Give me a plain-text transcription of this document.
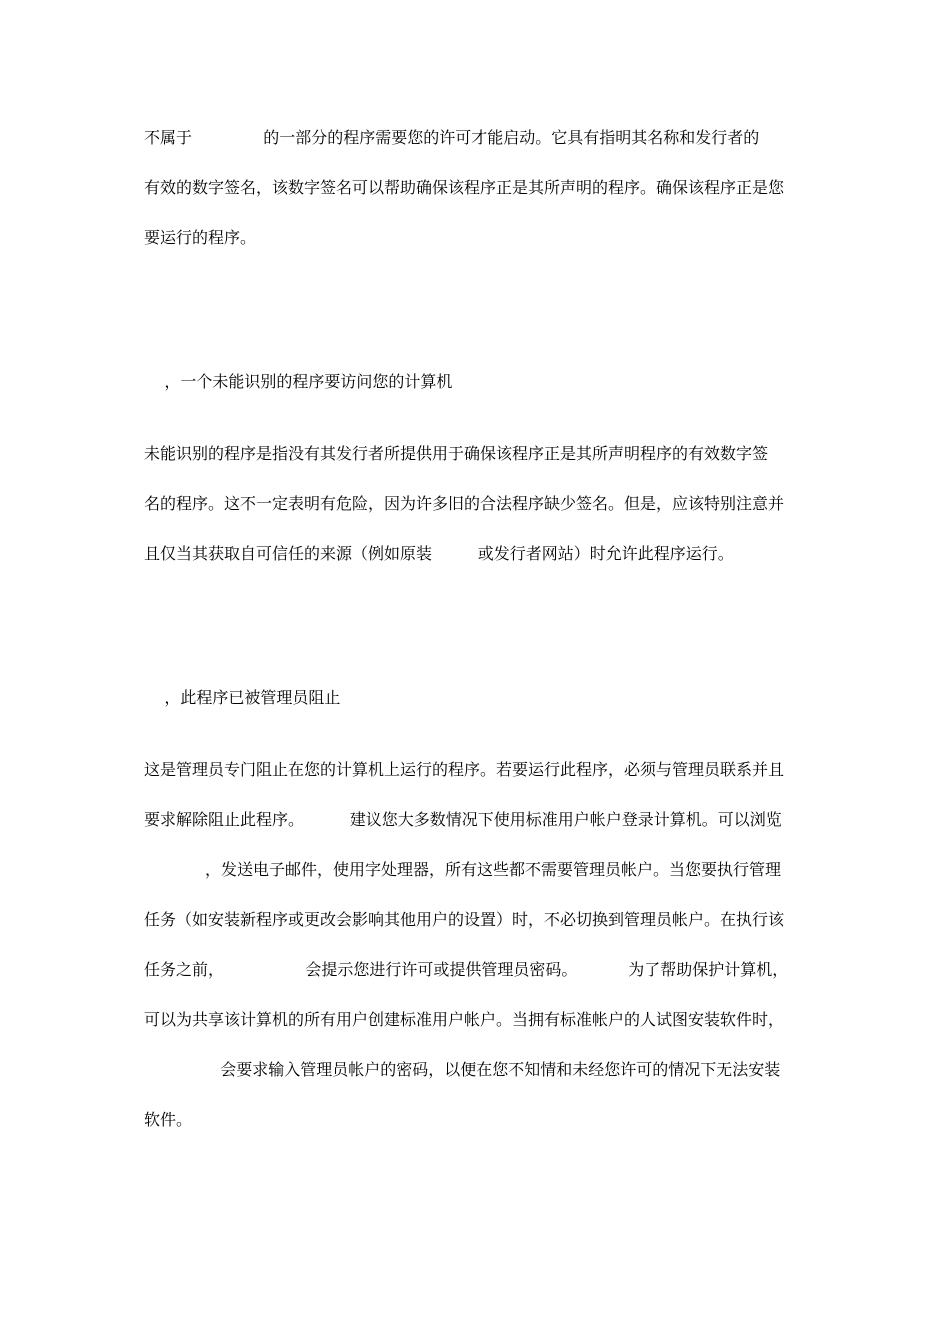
不属于              的一部分的程序需要您的许可才能启动。它具有指明其名称和发行者的
有效的数字签名，该数字签名可以帮助确保该程序正是其所声明的程序。确保该程序正是您
要运行的程序。
，一个未能识别的程序要访问您的计算机
未能识别的程序是指没有其发行者所提供用于确保该程序正是其所声明程序的有效数字签
名的程序。这不一定表明有危险，因为许多旧的合法程序缺少签名。但是，应该特别注意并
且仅当其获取自可信任的来源（例如原装         或发行者网站）时允许此程序运行。
，此程序已被管理员阻止
这是管理员专门阻止在您的计算机上运行的程序。若要运行此程序，必须与管理员联系并且
要求解除阻止此程序。         建议您大多数情况下使用标准用户帐户登录计算机。可以浏览
，发送电子邮件，使用字处理器，所有这些都不需要管理员帐户。当您要执行管理
任务（如安装新程序或更改会影响其他用户的设置）时，不必切换到管理员帐户。在执行该
任务之前，                会提示您进行许可或提供管理员密码。          为了帮助保护计算机，
可以为共享该计算机的所有用户创建标准用户帐户。当拥有标准帐户的人试图安装软件时，
会要求输入管理员帐户的密码，以便在您不知情和未经您许可的情况下无法安装
软件。
